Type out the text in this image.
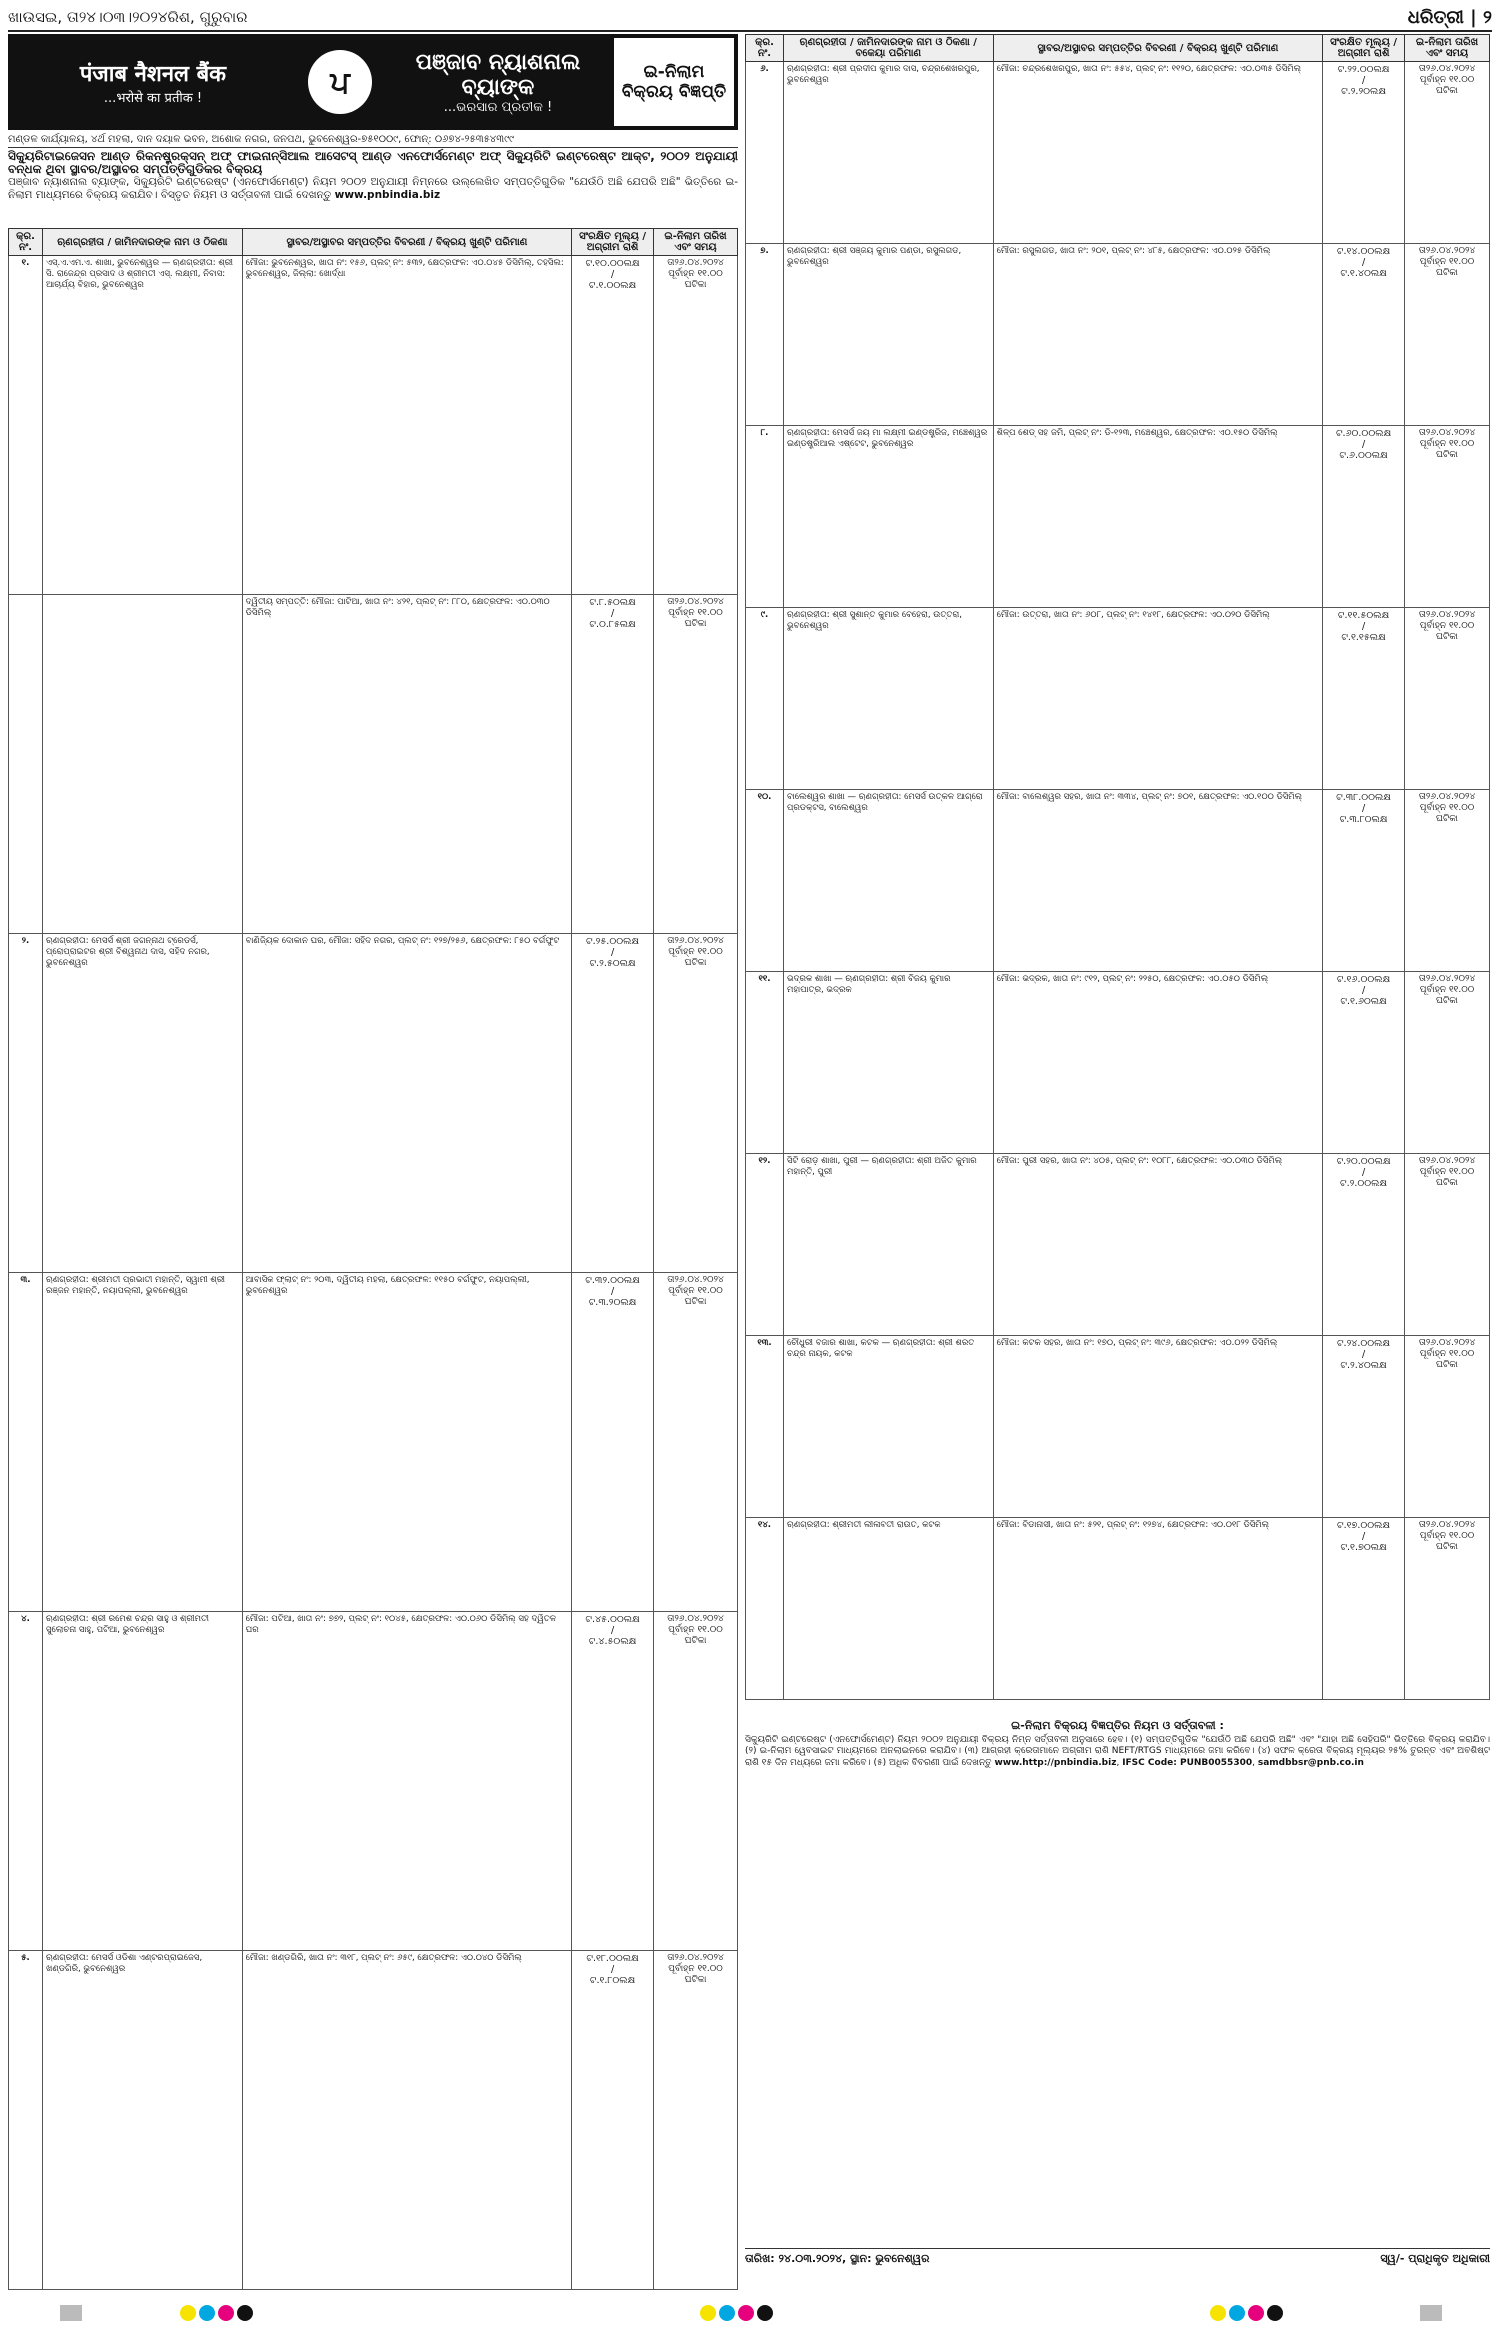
ଖାଉସଇ, ତା୨୪।୦୩।୨୦୨୪ରିଶ, ଗୁରୁବାର	ଧରିତ୍ରୀ | ୨
पंजाब नैशनल बैंक
...भरोसे का प्रतीक !	ਪ
ପଞ୍ଜାବ ନ୍ୟାଶନାଲ ବ୍ୟାଙ୍କ
...ଭରସାର ପ୍ରତୀକ !
ଇ-ନିଲାମ
ବିକ୍ରୟ ବିଜ୍ଞପ୍ତି
ମଣ୍ଡଳ କାର୍ଯ୍ୟାଳୟ, ୪ର୍ଥ ମହଲା, ଦାନ ଦୟାଳ ଭବନ, ଅଶୋକ ନଗର, ଜନପଥ, ଭୁବନେଶ୍ୱର-୭୫୧୦୦୯, ଫୋନ୍: ୦୬୭୪-୨୫୩୫୪୩୯୯
ସିକ୍ୟୁରିଟାଇଜେସନ ଆଣ୍ଡ ରିକନଷ୍ଟ୍ରକ୍ସନ୍ ଅଫ୍ ଫାଇନାନ୍ସିଆଲ ଆସେଟସ୍ ଆଣ୍ଡ ଏନଫୋର୍ସମେଣ୍ଟ ଅଫ୍ ସିକ୍ୟୁରିଟି ଇଣ୍ଟରେଷ୍ଟ ଆକ୍ଟ, ୨୦୦୨ ଅନୁଯାୟୀ ବନ୍ଧକ ଥିବା ସ୍ଥାବର/ଅସ୍ଥାବର ସମ୍ପତ୍ତିଗୁଡିକର ବିକ୍ରୟ
ପଞ୍ଜାବ ନ୍ୟାଶନାଲ ବ୍ୟାଙ୍କ, ସିକ୍ୟୁରିଟି ଇଣ୍ଟରେଷ୍ଟ (ଏନଫୋର୍ସମେଣ୍ଟ) ନିୟମ ୨୦୦୨ ଅନୁଯାୟୀ ନିମ୍ନରେ ଉଲ୍ଲେଖିତ ସମ୍ପତ୍ତିଗୁଡିକ "ଯେଉଁଠି ଅଛି ଯେପରି ଅଛି" ଭିତ୍ତିରେ ଇ-ନିଲାମ ମାଧ୍ୟମରେ ବିକ୍ରୟ କରାଯିବ। ବିସ୍ତୃତ ନିୟମ ଓ ସର୍ତ୍ତାବଳୀ ପାଇଁ ଦେଖନ୍ତୁ www.pnbindia.biz
କ୍ର. ନଂ.	ଋଣଗ୍ରହୀତା / ଜାମିନଦାରଙ୍କ ନାମ ଓ ଠିକଣା	ସ୍ଥାବର/ଅସ୍ଥାବର ସମ୍ପତ୍ତିର ବିବରଣୀ / ବିକ୍ରୟ ଖୁଣ୍ଟି ପରିମାଣ	ସଂରକ୍ଷିତ ମୂଲ୍ୟ / ଅଗ୍ରୀମ ରାଶି	ଇ-ନିଲାମ ତାରିଖ ଏବଂ ସମୟ
୧.	ଏସ୍.ଏ.ଏମ.ଏ. ଶାଖା, ଭୁବନେଶ୍ୱର — ଋଣଗ୍ରହୀତା: ଶ୍ରୀ ସି. ରାଜେନ୍ଦ୍ର ପ୍ରସାଦ ଓ ଶ୍ରୀମତୀ ଏସ୍. ଲକ୍ଷ୍ମୀ, ନିବାସ: ଆଚାର୍ଯ୍ୟ ବିହାର, ଭୁବନେଶ୍ୱର	ମୌଜା: ଭୁବନେଶ୍ୱର, ଖାତା ନଂ: ୧୫୬, ପ୍ଲଟ୍ ନଂ: ୫୩୨, କ୍ଷେତ୍ରଫଳ: ଏ୦.୦୪୫ ଡିସିମିଲ୍, ତହସିଲ: ଭୁବନେଶ୍ୱର, ଜିଲ୍ଲା: ଖୋର୍ଦ୍ଧା	ଟ.୧୦.୦୦ଲକ୍ଷ
/
ଟ.୧.୦୦ଲକ୍ଷ	ତା୨୬.୦୪.୨୦୨୪ ପୂର୍ବାହ୍ନ ୧୧.୦୦ ଘଟିକା
		ଦ୍ୱିତୀୟ ସମ୍ପତ୍ତି: ମୌଜା: ପାଟିଆ, ଖାତା ନଂ: ୪୨୧, ପ୍ଲଟ୍ ନଂ: ୮୮୦, କ୍ଷେତ୍ରଫଳ: ଏ୦.୦୩୦ ଡିସିମିଲ୍	ଟ.୮.୫୦ଲକ୍ଷ
/
ଟ.୦.୮୫ଲକ୍ଷ	ତା୨୬.୦୪.୨୦୨୪ ପୂର୍ବାହ୍ନ ୧୧.୦୦ ଘଟିକା
୨.	ଋଣଗ୍ରହୀତା: ମେସର୍ସ ଶ୍ରୀ ଜଗନ୍ନାଥ ଟ୍ରେଡର୍ସ, ପ୍ରୋପ୍ରାଇଟର ଶ୍ରୀ ବିଶ୍ୱନାଥ ଦାସ, ସହିଦ ନଗର, ଭୁବନେଶ୍ୱର	ବାଣିଜ୍ୟିକ ଦୋକାନ ଘର, ମୌଜା: ସହିଦ ନଗର, ପ୍ଲଟ୍ ନଂ: ୧୨୭/୨୫୬, କ୍ଷେତ୍ରଫଳ: ୮୫୦ ବର୍ଗଫୁଟ	ଟ.୨୫.୦୦ଲକ୍ଷ
/
ଟ.୨.୫୦ଲକ୍ଷ	ତା୨୬.୦୪.୨୦୨୪ ପୂର୍ବାହ୍ନ ୧୧.୦୦ ଘଟିକା
୩.	ଋଣଗ୍ରହୀତା: ଶ୍ରୀମତୀ ପ୍ରଭାତୀ ମହାନ୍ତି, ସ୍ୱାମୀ ଶ୍ରୀ ରଞ୍ଜନ ମହାନ୍ତି, ନୟାପଲ୍ଲୀ, ଭୁବନେଶ୍ୱର	ଆବାସିକ ଫ୍ଲାଟ୍ ନଂ: ୨୦୩, ଦ୍ୱିତୀୟ ମହଲା, କ୍ଷେତ୍ରଫଳ: ୧୧୫୦ ବର୍ଗଫୁଟ, ନୟାପଲ୍ଲୀ, ଭୁବନେଶ୍ୱର	ଟ.୩୨.୦୦ଲକ୍ଷ
/
ଟ.୩.୨୦ଲକ୍ଷ	ତା୨୬.୦୪.୨୦୨୪ ପୂର୍ବାହ୍ନ ୧୧.୦୦ ଘଟିକା
୪.	ଋଣଗ୍ରହୀତା: ଶ୍ରୀ ରମେଶ ଚନ୍ଦ୍ର ସାହୁ ଓ ଶ୍ରୀମତୀ ସୁଲୋଚନା ସାହୁ, ପଟିଆ, ଭୁବନେଶ୍ୱର	ମୌଜା: ପଟିଆ, ଖାତା ନଂ: ୭୭୨, ପ୍ଲଟ୍ ନଂ: ୧୦୪୫, କ୍ଷେତ୍ରଫଳ: ଏ୦.୦୬୦ ଡିସିମିଲ୍ ସହ ଦ୍ୱିତଳ ଘର	ଟ.୪୫.୦୦ଲକ୍ଷ
/
ଟ.୪.୫୦ଲକ୍ଷ	ତା୨୬.୦୪.୨୦୨୪ ପୂର୍ବାହ୍ନ ୧୧.୦୦ ଘଟିକା
୫.	ଋଣଗ୍ରହୀତା: ମେସର୍ସ ଓଡିଶା ଏଣ୍ଟରପ୍ରାଇଜେସ, ଖଣ୍ଡଗିରି, ଭୁବନେଶ୍ୱର	ମୌଜା: ଖଣ୍ଡଗିରି, ଖାତା ନଂ: ୩୧୮, ପ୍ଲଟ୍ ନଂ: ୬୫୯, କ୍ଷେତ୍ରଫଳ: ଏ୦.୦୪୦ ଡିସିମିଲ୍	ଟ.୧୮.୦୦ଲକ୍ଷ
/
ଟ.୧.୮୦ଲକ୍ଷ	ତା୨୬.୦୪.୨୦୨୪ ପୂର୍ବାହ୍ନ ୧୧.୦୦ ଘଟିକା
କ୍ର. ନଂ.	ଋଣଗ୍ରହୀତା / ଜାମିନଦାରଙ୍କ ନାମ ଓ ଠିକଣା / ବକେୟା ପରିମାଣ	ସ୍ଥାବର/ଅସ୍ଥାବର ସମ୍ପତ୍ତିର ବିବରଣୀ / ବିକ୍ରୟ ଖୁଣ୍ଟି ପରିମାଣ	ସଂରକ୍ଷିତ ମୂଲ୍ୟ / ଅଗ୍ରୀମ ରାଶି	ଇ-ନିଲାମ ତାରିଖ ଏବଂ ସମୟ
୬.	ଋଣଗ୍ରହୀତା: ଶ୍ରୀ ପ୍ରଦୀପ କୁମାର ଦାସ, ଚନ୍ଦ୍ରଶେଖରପୁର, ଭୁବନେଶ୍ୱର	ମୌଜା: ଚନ୍ଦ୍ରଶେଖରପୁର, ଖାତା ନଂ: ୫୫୪, ପ୍ଲଟ୍ ନଂ: ୧୧୨୦, କ୍ଷେତ୍ରଫଳ: ଏ୦.୦୩୫ ଡିସିମିଲ୍	ଟ.୨୨.୦୦ଲକ୍ଷ
/
ଟ.୨.୨୦ଲକ୍ଷ	ତା୨୬.୦୪.୨୦୨୪ ପୂର୍ବାହ୍ନ ୧୧.୦୦ ଘଟିକା
୭.	ଋଣଗ୍ରହୀତା: ଶ୍ରୀ ସଞ୍ଜୟ କୁମାର ପଣ୍ଡା, ରସୁଲଗଡ, ଭୁବନେଶ୍ୱର	ମୌଜା: ରସୁଲଗଡ, ଖାତା ନଂ: ୨୦୧, ପ୍ଲଟ୍ ନଂ: ୪୮୫, କ୍ଷେତ୍ରଫଳ: ଏ୦.୦୨୫ ଡିସିମିଲ୍	ଟ.୧୪.୦୦ଲକ୍ଷ
/
ଟ.୧.୪୦ଲକ୍ଷ	ତା୨୬.୦୪.୨୦୨୪ ପୂର୍ବାହ୍ନ ୧୧.୦୦ ଘଟିକା
୮.	ଋଣଗ୍ରହୀତା: ମେସର୍ସ ଜୟ ମା ଲକ୍ଷ୍ମୀ ଇଣ୍ଡଷ୍ଟ୍ରିଜ, ମଞ୍ଚେଶ୍ୱର ଇଣ୍ଡଷ୍ଟ୍ରିଆଲ ଏଷ୍ଟେଟ, ଭୁବନେଶ୍ୱର	ଶିଳ୍ପ ଶେଡ୍ ସହ ଜମି, ପ୍ଲଟ୍ ନଂ: ଡି-୧୨୩, ମଞ୍ଚେଶ୍ୱର, କ୍ଷେତ୍ରଫଳ: ଏ୦.୧୫୦ ଡିସିମିଲ୍	ଟ.୬୦.୦୦ଲକ୍ଷ
/
ଟ.୬.୦୦ଲକ୍ଷ	ତା୨୬.୦୪.୨୦୨୪ ପୂର୍ବାହ୍ନ ୧୧.୦୦ ଘଟିକା
୯.	ଋଣଗ୍ରହୀତା: ଶ୍ରୀ ସୁଶାନ୍ତ କୁମାର ବେହେରା, ଉତ୍ତରା, ଭୁବନେଶ୍ୱର	ମୌଜା: ଉତ୍ତରା, ଖାତା ନଂ: ୬୦୮, ପ୍ଲଟ୍ ନଂ: ୧୪୧୮, କ୍ଷେତ୍ରଫଳ: ଏ୦.୦୨୦ ଡିସିମିଲ୍	ଟ.୧୧.୫୦ଲକ୍ଷ
/
ଟ.୧.୧୫ଲକ୍ଷ	ତା୨୬.୦୪.୨୦୨୪ ପୂର୍ବାହ୍ନ ୧୧.୦୦ ଘଟିକା
୧୦.	ବାଲେଶ୍ୱର ଶାଖା — ଋଣଗ୍ରହୀତା: ମେସର୍ସ ଉତ୍କଳ ଆଗ୍ରୋ ପ୍ରଡକ୍ଟସ, ବାଲେଶ୍ୱର	ମୌଜା: ବାଲେଶ୍ୱର ସହର, ଖାତା ନଂ: ୩୩୪, ପ୍ଲଟ୍ ନଂ: ୭୦୧, କ୍ଷେତ୍ରଫଳ: ଏ୦.୧୦୦ ଡିସିମିଲ୍	ଟ.୩୮.୦୦ଲକ୍ଷ
/
ଟ.୩.୮୦ଲକ୍ଷ	ତା୨୬.୦୪.୨୦୨୪ ପୂର୍ବାହ୍ନ ୧୧.୦୦ ଘଟିକା
୧୧.	ଭଦ୍ରକ ଶାଖା — ଋଣଗ୍ରହୀତା: ଶ୍ରୀ ବିଜୟ କୁମାର ମହାପାତ୍ର, ଭଦ୍ରକ	ମୌଜା: ଭଦ୍ରକ, ଖାତା ନଂ: ୯୧୨, ପ୍ଲଟ୍ ନଂ: ୨୨୫୦, କ୍ଷେତ୍ରଫଳ: ଏ୦.୦୫୦ ଡିସିମିଲ୍	ଟ.୧୬.୦୦ଲକ୍ଷ
/
ଟ.୧.୬୦ଲକ୍ଷ	ତା୨୬.୦୪.୨୦୨୪ ପୂର୍ବାହ୍ନ ୧୧.୦୦ ଘଟିକା
୧୨.	ସିଟି ରୋଡ଼ ଶାଖା, ପୁରୀ — ଋଣଗ୍ରହୀତା: ଶ୍ରୀ ଅଜିତ କୁମାର ମହାନ୍ତି, ପୁରୀ	ମୌଜା: ପୁରୀ ସହର, ଖାତା ନଂ: ୪୦୫, ପ୍ଲଟ୍ ନଂ: ୧୦୮୮, କ୍ଷେତ୍ରଫଳ: ଏ୦.୦୩୦ ଡିସିମିଲ୍	ଟ.୨୦.୦୦ଲକ୍ଷ
/
ଟ.୨.୦୦ଲକ୍ଷ	ତା୨୬.୦୪.୨୦୨୪ ପୂର୍ବାହ୍ନ ୧୧.୦୦ ଘଟିକା
୧୩.	ଚୌଧୁରୀ ବଜାର ଶାଖା, କଟକ — ଋଣଗ୍ରହୀତା: ଶ୍ରୀ ଶରତ ଚନ୍ଦ୍ର ନାୟକ, କଟକ	ମୌଜା: କଟକ ସହର, ଖାତା ନଂ: ୧୭୦, ପ୍ଲଟ୍ ନଂ: ୩୯୬, କ୍ଷେତ୍ରଫଳ: ଏ୦.୦୨୨ ଡିସିମିଲ୍	ଟ.୨୪.୦୦ଲକ୍ଷ
/
ଟ.୨.୪୦ଲକ୍ଷ	ତା୨୬.୦୪.୨୦୨୪ ପୂର୍ବାହ୍ନ ୧୧.୦୦ ଘଟିକା
୧୪.	ଋଣଗ୍ରହୀତା: ଶ୍ରୀମତୀ ଲୀଳାବତୀ ରାଉତ, କଟକ	ମୌଜା: ବିଡାନାସୀ, ଖାତା ନଂ: ୫୨୧, ପ୍ଲଟ୍ ନଂ: ୧୨୭୪, କ୍ଷେତ୍ରଫଳ: ଏ୦.୦୧୮ ଡିସିମିଲ୍	ଟ.୧୭.୦୦ଲକ୍ଷ
/
ଟ.୧.୭୦ଲକ୍ଷ	ତା୨୬.୦୪.୨୦୨୪ ପୂର୍ବାହ୍ନ ୧୧.୦୦ ଘଟିକା
ଇ-ନିଲାମ ବିକ୍ରୟ ବିଜ୍ଞପ୍ତିର ନିୟମ ଓ ସର୍ତ୍ତାବଳୀ :
ସିକ୍ୟୁରିଟି ଇଣ୍ଟରେଷ୍ଟ (ଏନଫୋର୍ସମେଣ୍ଟ) ନିୟମ ୨୦୦୨ ଅନୁଯାୟୀ ବିକ୍ରୟ ନିମ୍ନ ସର୍ତ୍ତାବଳୀ ଅନୁସାରେ ହେବ। (୧) ସମ୍ପତ୍ତିଗୁଡିକ "ଯେଉଁଠି ଅଛି ଯେପରି ଅଛି" ଏବଂ "ଯାହା ଅଛି ସେହିପରି" ଭିତ୍ତିରେ ବିକ୍ରୟ କରାଯିବ। (୨) ଇ-ନିଲାମ ୱେବସାଇଟ ମାଧ୍ୟମରେ ଅନଲାଇନରେ କରାଯିବ। (୩) ଆଗ୍ରହୀ କ୍ରେତାମାନେ ଅଗ୍ରୀମ ରାଶି NEFT/RTGS ମାଧ୍ୟମରେ ଜମା କରିବେ। (୪) ସଫଳ କ୍ରେତା ବିକ୍ରୟ ମୂଲ୍ୟର ୨୫% ତୁରନ୍ତ ଏବଂ ଅବଶିଷ୍ଟ ରାଶି ୧୫ ଦିନ ମଧ୍ୟରେ ଜମା କରିବେ। (୫) ଅଧିକ ବିବରଣୀ ପାଇଁ ଦେଖନ୍ତୁ www.http://pnbindia.biz, IFSC Code: PUNB0055300, samdbbsr@pnb.co.in
ତାରିଖ: ୨୪.୦୩.୨୦୨୪, ସ୍ଥାନ: ଭୁବନେଶ୍ୱର	ସ୍ୱ/- ପ୍ରାଧିକୃତ ଅଧିକାରୀ
